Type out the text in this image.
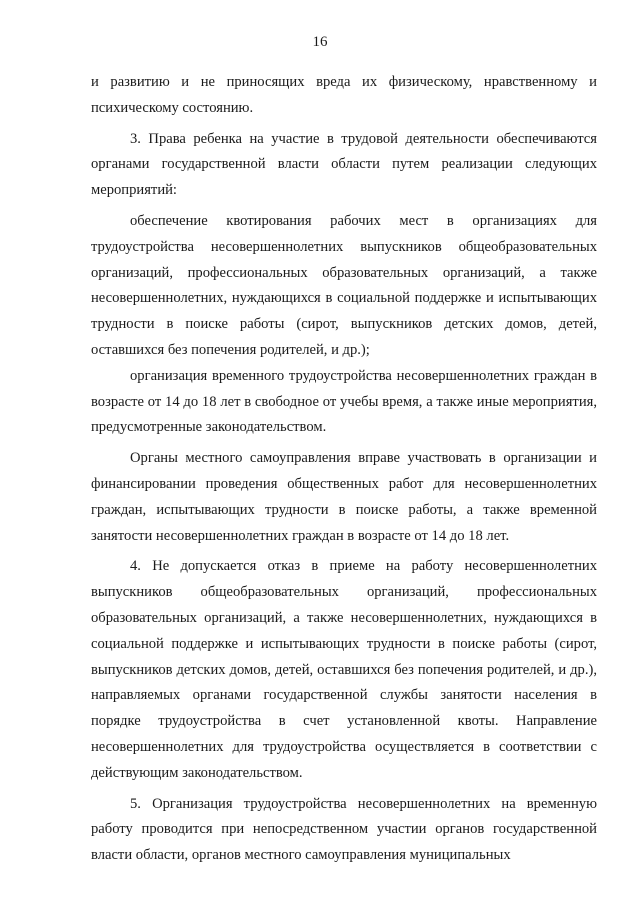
16

и развитию и не приносящих вреда их физическому, нравственному и психическому состоянию.

3. Права ребенка на участие в трудовой деятельности обеспечиваются органами государственной власти области путем реализации следующих мероприятий:

обеспечение квотирования рабочих мест в организациях для трудоустройства несовершеннолетних выпускников общеобразовательных организаций, профессиональных образовательных организаций, а также несовершеннолетних, нуждающихся в социальной поддержке и испытывающих трудности в поиске работы (сирот, выпускников детских домов, детей, оставшихся без попечения родителей, и др.);

организация временного трудоустройства несовершеннолетних граждан в возрасте от 14 до 18 лет в свободное от учебы время, а также иные мероприятия, предусмотренные законодательством.

Органы местного самоуправления вправе участвовать в организации и финансировании проведения общественных работ для несовершеннолетних граждан, испытывающих трудности в поиске работы, а также временной занятости несовершеннолетних граждан в возрасте от 14 до 18 лет.

4. Не допускается отказ в приеме на работу несовершеннолетних выпускников общеобразовательных организаций, профессиональных образовательных организаций, а также несовершеннолетних, нуждающихся в социальной поддержке и испытывающих трудности в поиске работы (сирот, выпускников детских домов, детей, оставшихся без попечения родителей, и др.), направляемых органами государственной службы занятости населения в порядке трудоустройства в счет установленной квоты. Направление несовершеннолетних для трудоустройства осуществляется в соответствии с действующим законодательством.

5. Организация трудоустройства несовершеннолетних на временную работу проводится при непосредственном участии органов государственной власти области, органов местного самоуправления муниципальных
